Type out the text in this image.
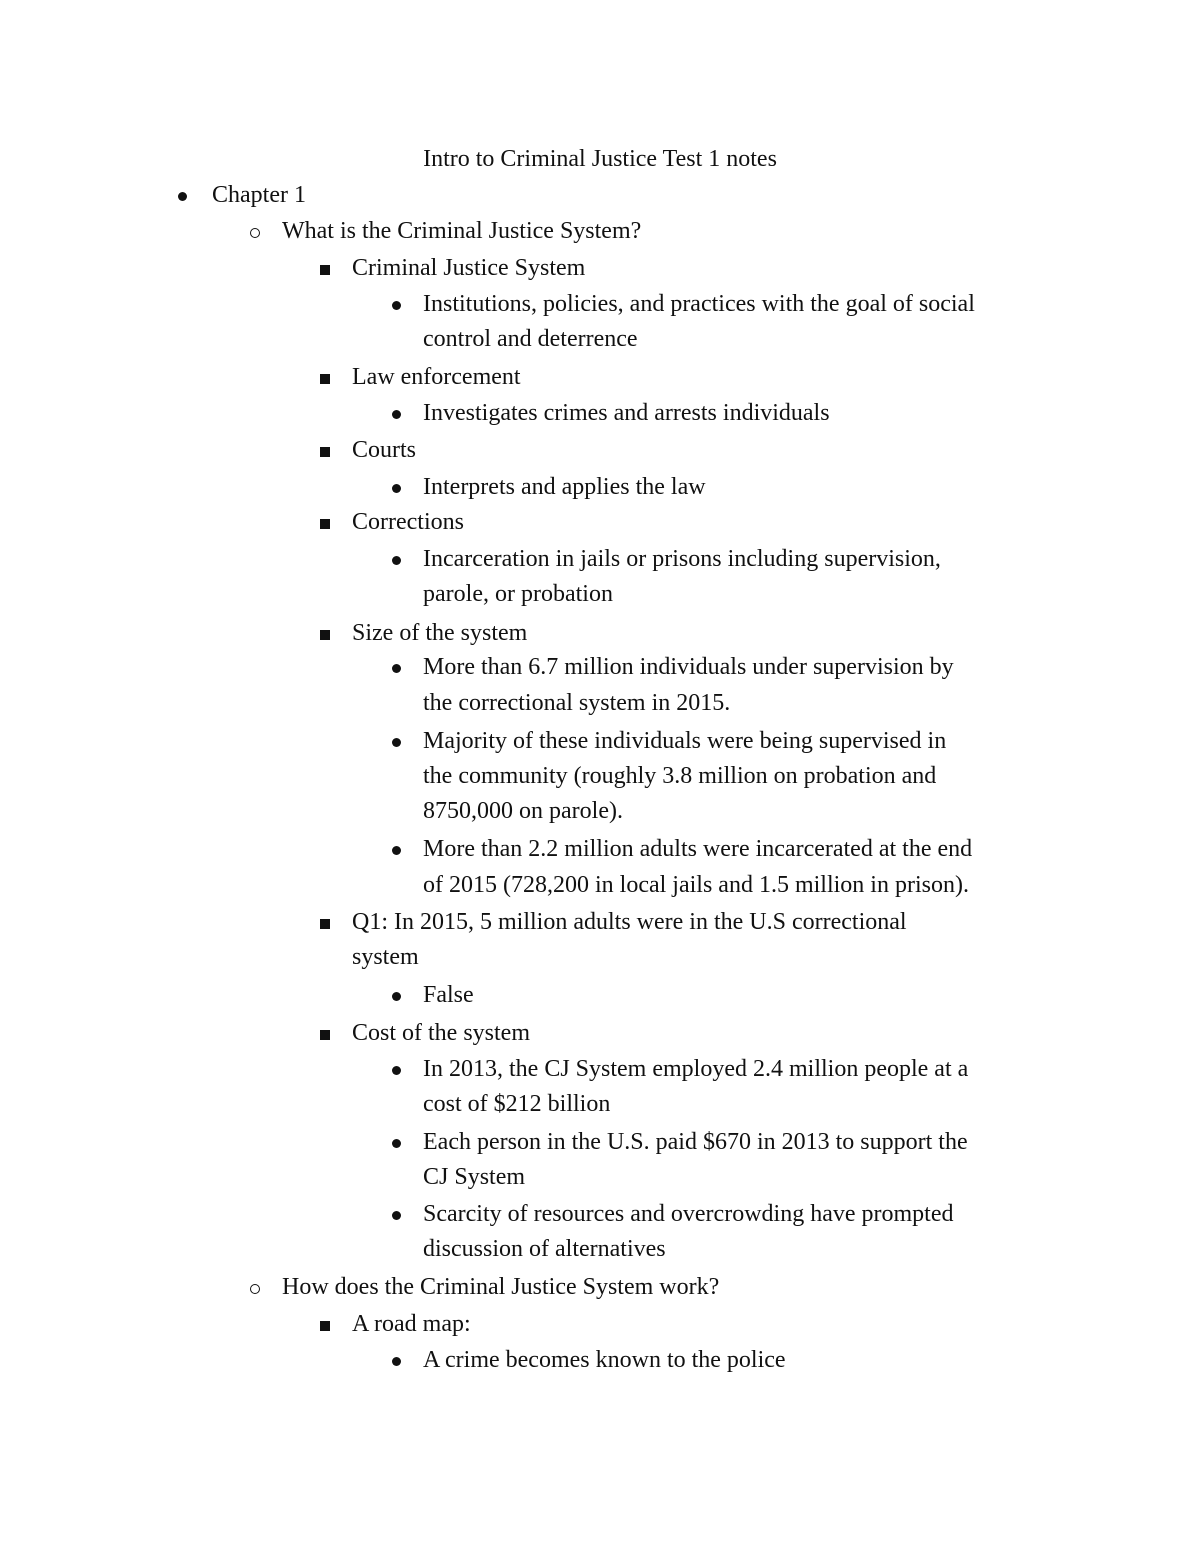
Intro to Criminal Justice Test 1 notes
Chapter 1
What is the Criminal Justice System?
Criminal Justice System
Institutions, policies, and practices with the goal of social
control and deterrence
Law enforcement
Investigates crimes and arrests individuals
Courts
Interprets and applies the law
Corrections
Incarceration in jails or prisons including supervision,
parole, or probation
Size of the system
More than 6.7 million individuals under supervision by
the correctional system in 2015.
Majority of these individuals were being supervised in
the community (roughly 3.8 million on probation and
8750,000 on parole).
More than 2.2 million adults were incarcerated at the end
of 2015 (728,200 in local jails and 1.5 million in prison).
Q1: In 2015, 5 million adults were in the U.S correctional
system
False
Cost of the system
In 2013, the CJ System employed 2.4 million people at a
cost of $212 billion
Each person in the U.S. paid $670 in 2013 to support the
CJ System
Scarcity of resources and overcrowding have prompted
discussion of alternatives
How does the Criminal Justice System work?
A road map:
A crime becomes known to the police
